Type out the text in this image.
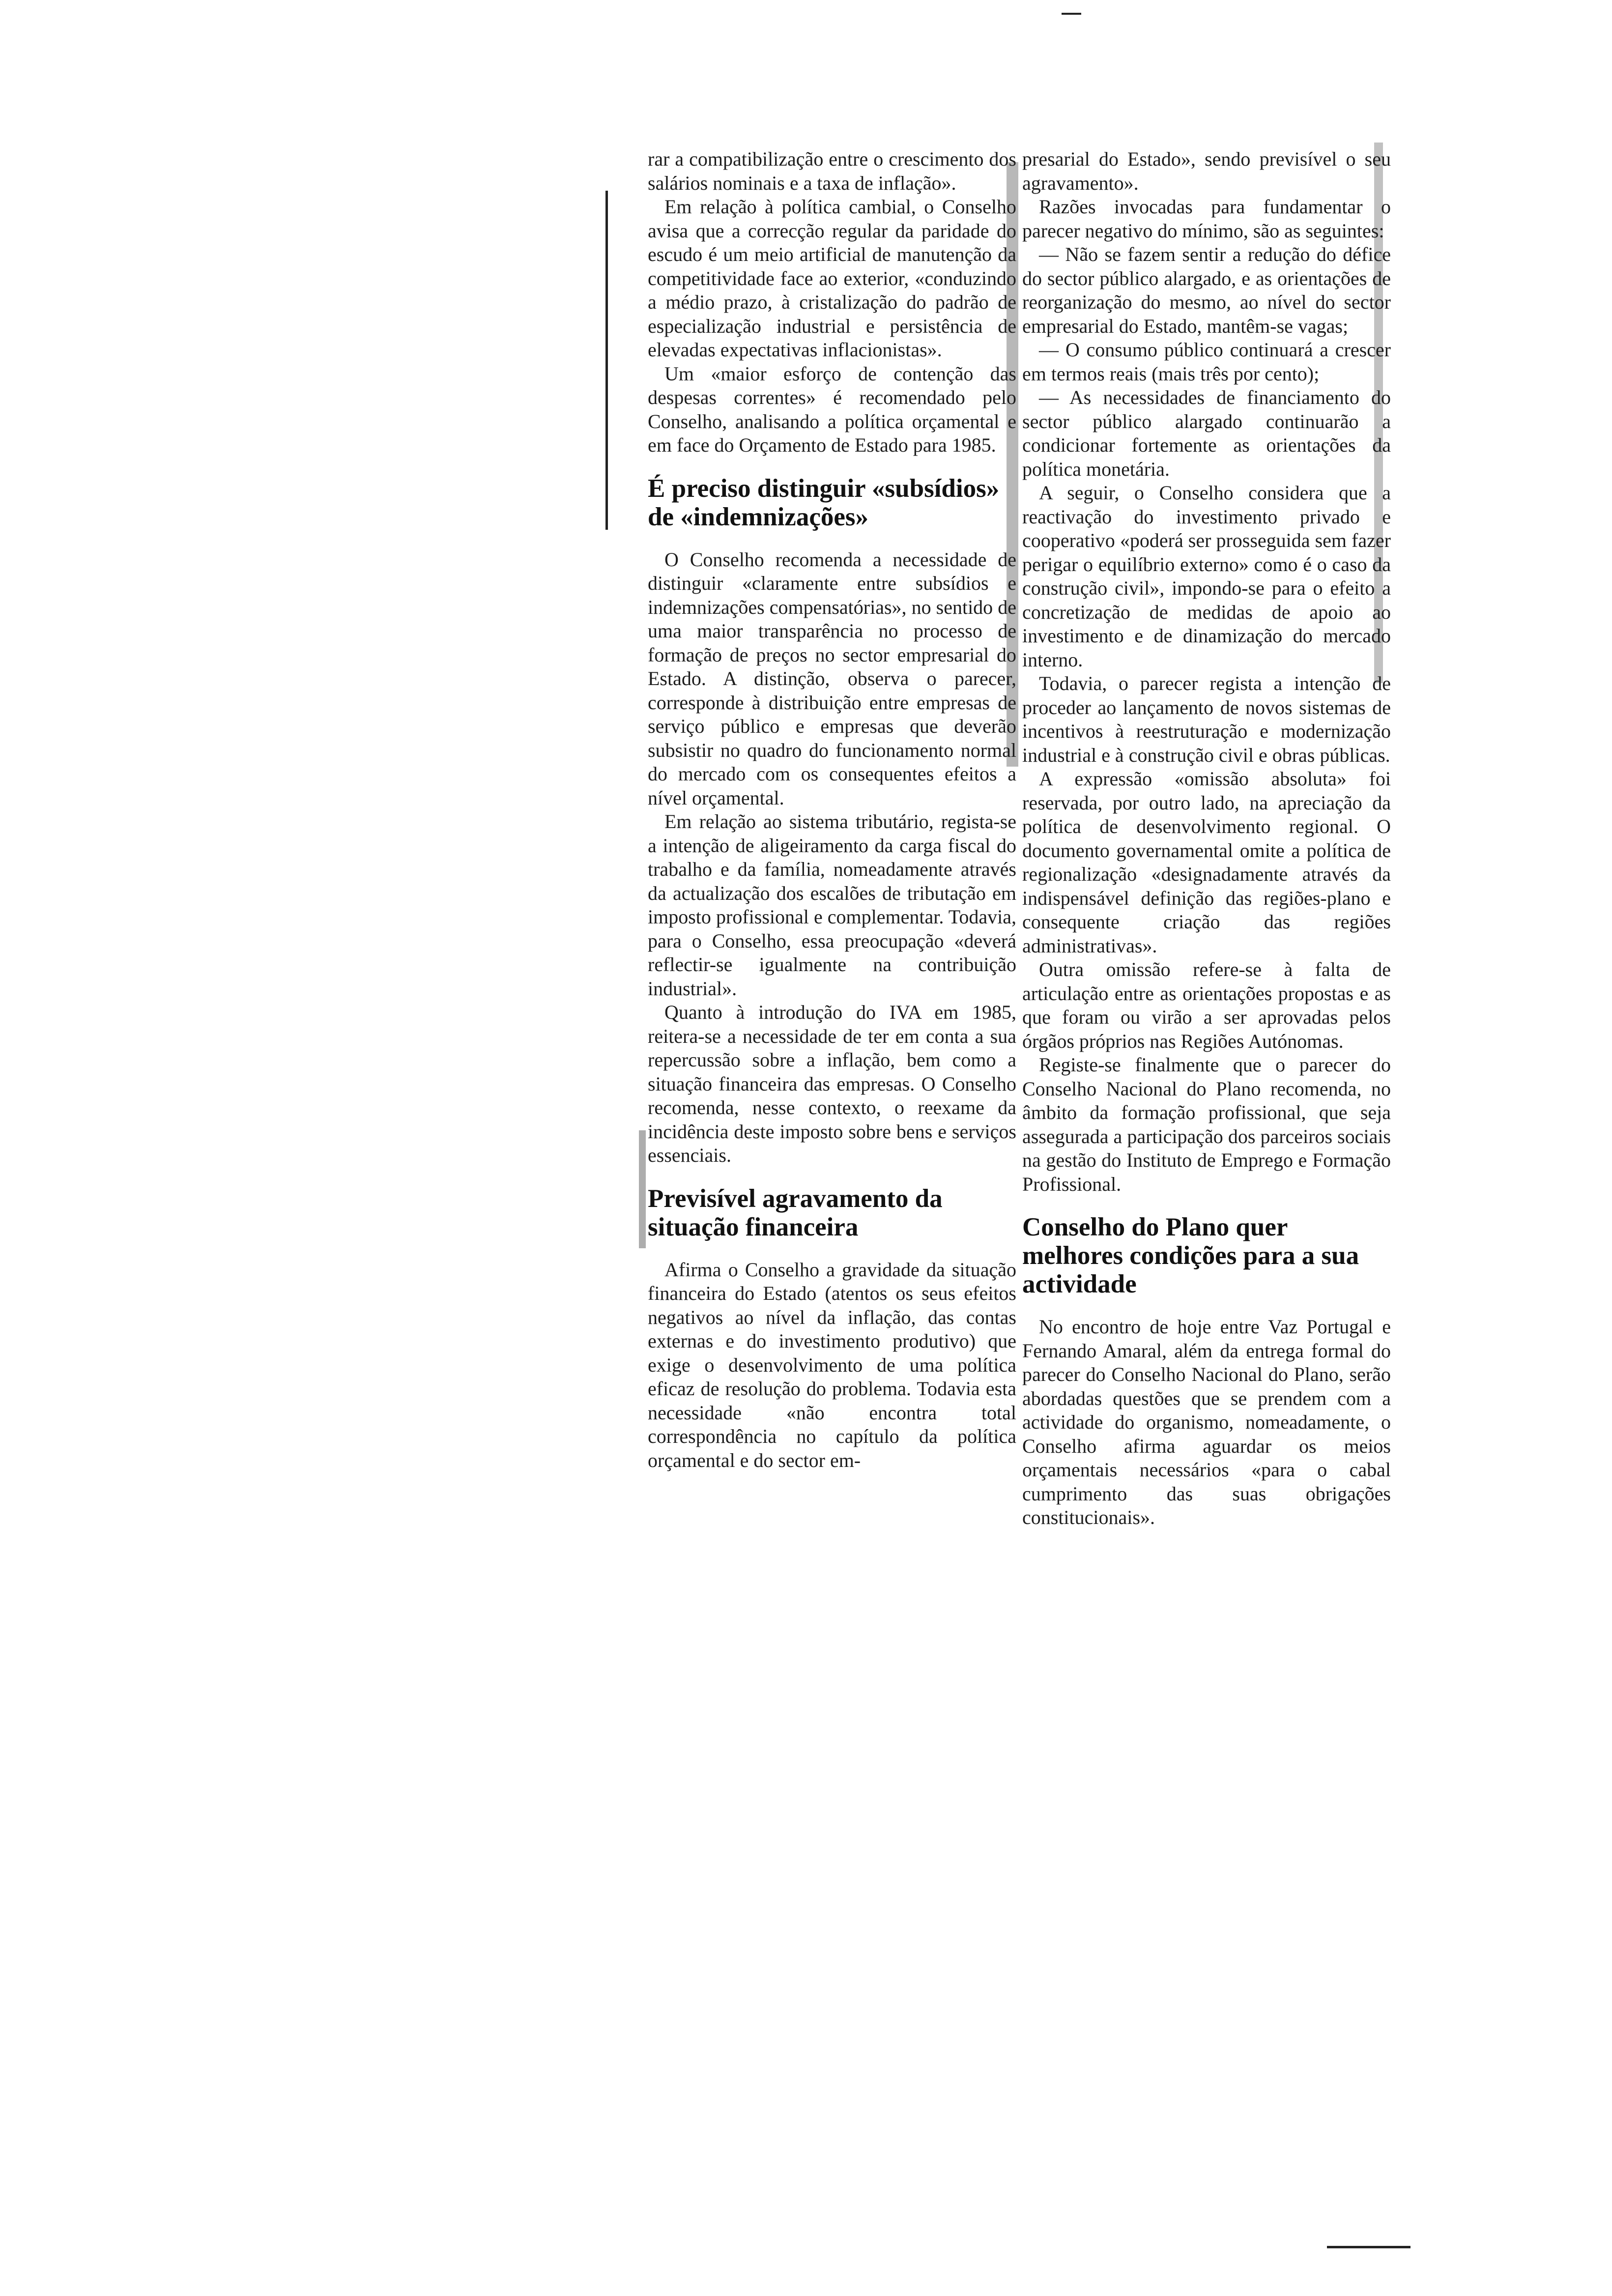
rar a compatibilização entre o crescimento dos salários nominais e a taxa de inflação».

Em relação à política cambial, o Conselho avisa que a correcção regular da paridade do escudo é um meio artificial de manutenção da competitividade face ao exterior, «conduzindo a médio prazo, à cristalização do padrão de especialização industrial e persistência de elevadas expectativas inflacionistas».

Um «maior esforço de contenção das despesas correntes» é recomendado pelo Conselho, analisando a política orçamental e em face do Orçamento de Estado para 1985.

É preciso distinguir «subsídios» de «indemnizações»

O Conselho recomenda a necessidade de distinguir «claramente entre subsídios e indemnizações compensatórias», no sentido de uma maior transparência no processo de formação de preços no sector empresarial do Estado. A distinção, observa o parecer, corresponde à distribuição entre empresas de serviço público e empresas que deverão subsistir no quadro do funcionamento normal do mercado com os consequentes efeitos a nível orçamental.

Em relação ao sistema tributário, regista-se a intenção de aligeiramento da carga fiscal do trabalho e da família, nomeadamente através da actualização dos escalões de tributação em imposto profissional e complementar. Todavia, para o Conselho, essa preocupação «deverá reflectir-se igualmente na contribuição industrial».

Quanto à introdução do IVA em 1985, reitera-se a necessidade de ter em conta a sua repercussão sobre a inflação, bem como a situação financeira das empresas. O Conselho recomenda, nesse contexto, o reexame da incidência deste imposto sobre bens e serviços essenciais.

Previsível agravamento da situação financeira

Afirma o Conselho a gravidade da situação financeira do Estado (atentos os seus efeitos negativos ao nível da inflação, das contas externas e do investimento produtivo) que exige o desenvolvimento de uma política eficaz de resolução do problema. Todavia esta necessidade «não encontra total correspondência no capítulo da política orçamental e do sector em-

presarial do Estado», sendo previsível o seu agravamento».

Razões invocadas para fundamentar o parecer negativo do mínimo, são as seguintes:

— Não se fazem sentir a redução do défice do sector público alargado, e as orientações de reorganização do mesmo, ao nível do sector empresarial do Estado, mantêm-se vagas;

— O consumo público continuará a crescer em termos reais (mais três por cento);

— As necessidades de financiamento do sector público alargado continuarão a condicionar fortemente as orientações da política monetária.

A seguir, o Conselho considera que a reactivação do investimento privado e cooperativo «poderá ser prosseguida sem fazer perigar o equilíbrio externo» como é o caso da construção civil», impondo-se para o efeito a concretização de medidas de apoio ao investimento e de dinamização do mercado interno.

Todavia, o parecer regista a intenção de proceder ao lançamento de novos sistemas de incentivos à reestruturação e modernização industrial e à construção civil e obras públicas.

A expressão «omissão absoluta» foi reservada, por outro lado, na apreciação da política de desenvolvimento regional. O documento governamental omite a política de regionalização «designadamente através da indispensável definição das regiões-plano e consequente criação das regiões administrativas».

Outra omissão refere-se à falta de articulação entre as orientações propostas e as que foram ou virão a ser aprovadas pelos órgãos próprios nas Regiões Autónomas.

Registe-se finalmente que o parecer do Conselho Nacional do Plano recomenda, no âmbito da formação profissional, que seja assegurada a participação dos parceiros sociais na gestão do Instituto de Emprego e Formação Profissional.

Conselho do Plano quer melhores condições para a sua actividade

No encontro de hoje entre Vaz Portugal e Fernando Amaral, além da entrega formal do parecer do Conselho Nacional do Plano, serão abordadas questões que se prendem com a actividade do organismo, nomeadamente, o Conselho afirma aguardar os meios orçamentais necessários «para o cabal cumprimento das suas obrigações constitucionais».
